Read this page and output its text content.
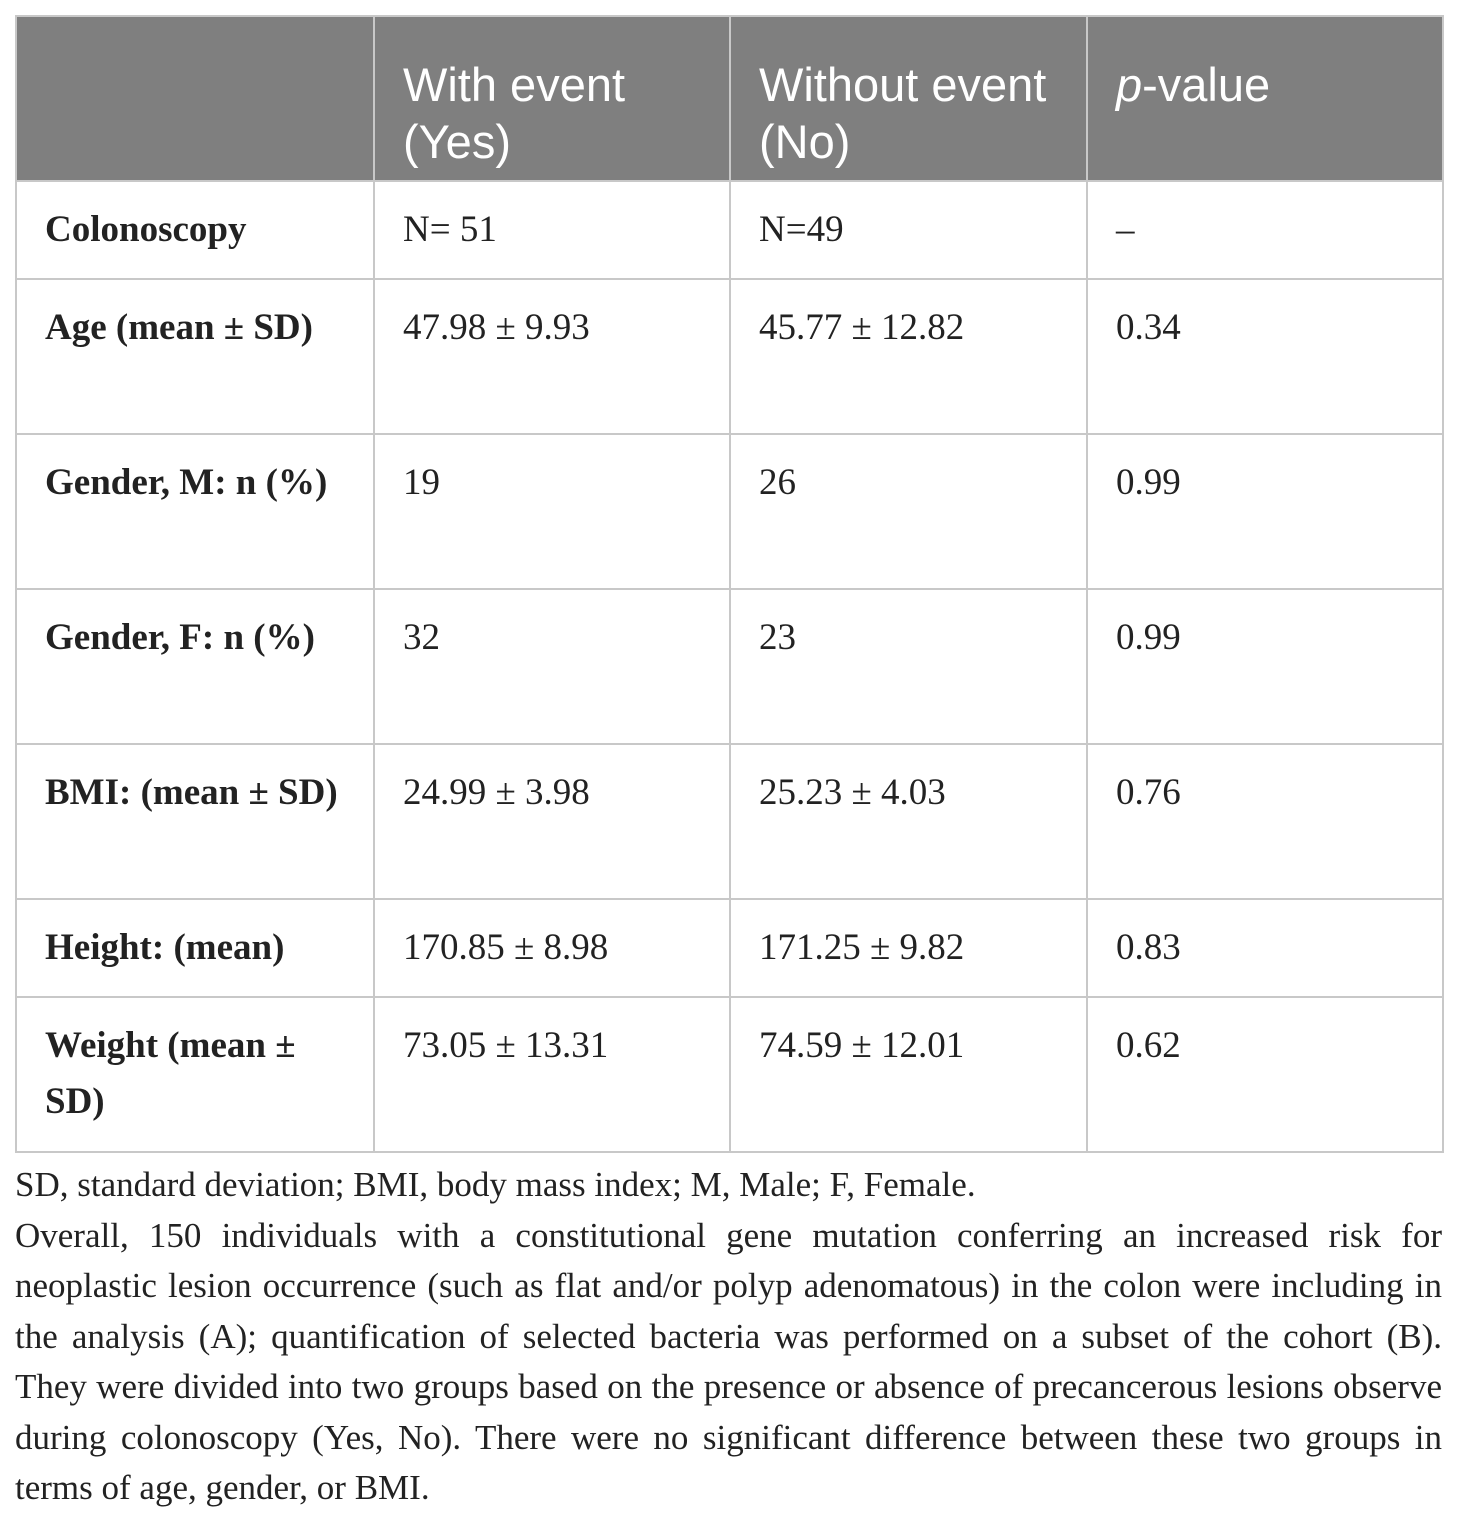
	With event (Yes)	Without event (No)	p-value
Colonoscopy	N= 51	N=49	–
Age (mean ± SD)	47.98 ± 9.93	45.77 ± 12.82	0.34
Gender, M: n (%)	19	26	0.99
Gender, F: n (%)	32	23	0.99
BMI: (mean ± SD)	24.99 ± 3.98	25.23 ± 4.03	0.76
Height: (mean)	170.85 ± 8.98	171.25 ± 9.82	0.83
Weight (mean ± SD)	73.05 ± 13.31	74.59 ± 12.01	0.62

SD, standard deviation; BMI, body mass index; M, Male; F, Female.

Overall, 150 individuals with a constitutional gene mutation conferring an increased risk for neoplastic lesion occurrence (such as flat and/or polyp adenomatous) in the colon were including in the analysis (A); quantification of selected bacteria was performed on a subset of the cohort (B). They were divided into two groups based on the presence or absence of precancerous lesions observe during colonoscopy (Yes, No). There were no significant difference between these two groups in terms of age, gender, or BMI.
